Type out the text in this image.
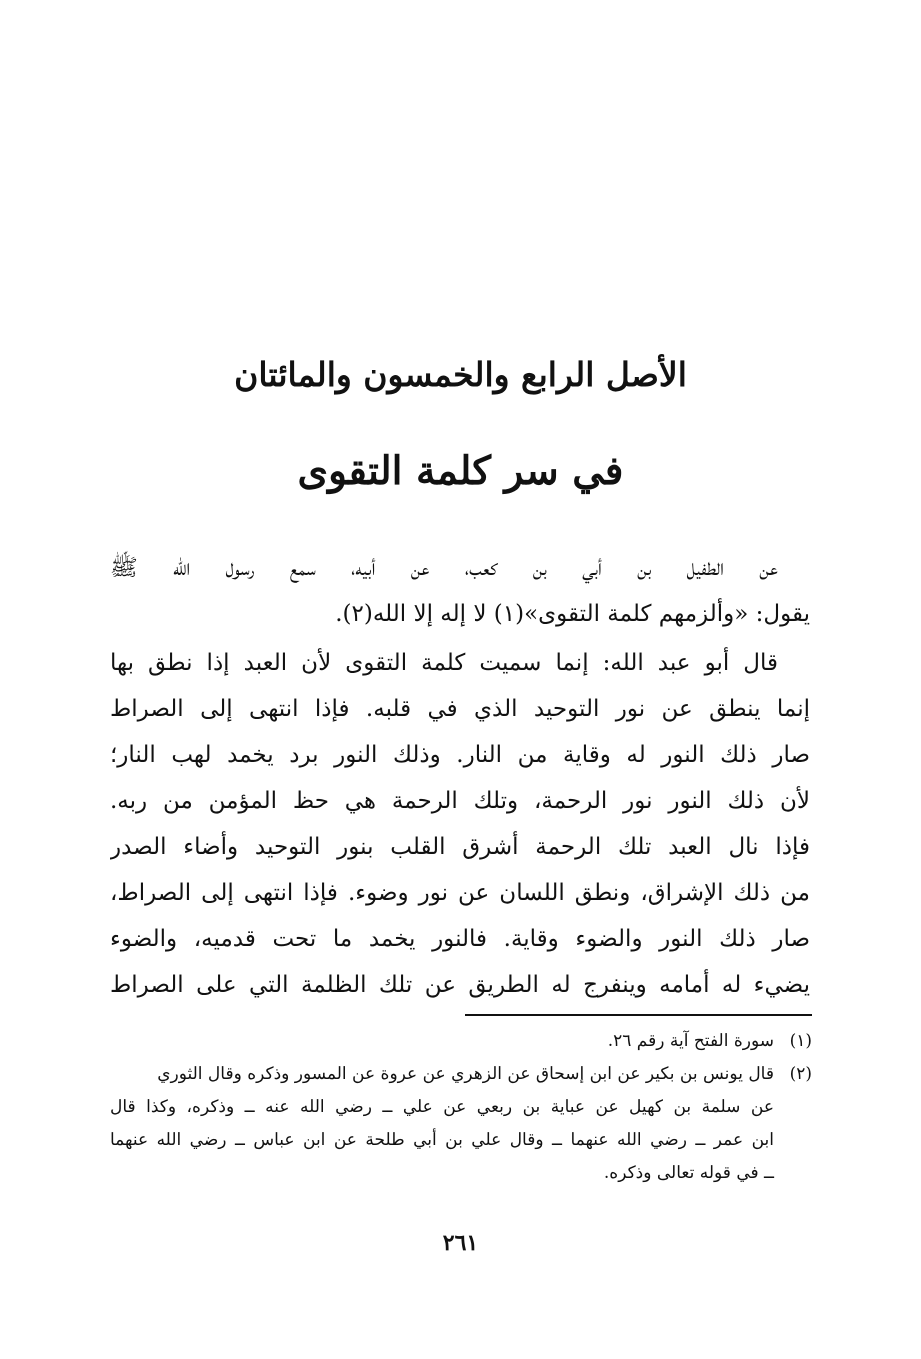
الأصل الرابع والخمسون والمائتان
في سر كلمة التقوى
عن الطفيل بن أبي بن كعب، عن أبيه، سمع رسول الله ﷺ
يقول: «وألزمهم كلمة التقوى»(١) لا إله إلا الله(٢).
قال أبو عبد الله: إنما سميت كلمة التقوى لأن العبد إذا نطق بها
إنما ينطق عن نور التوحيد الذي في قلبه. فإذا انتهى إلى الصراط
صار ذلك النور له وقاية من النار. وذلك النور برد يخمد لهب النار؛
لأن ذلك النور نور الرحمة، وتلك الرحمة هي حظ المؤمن من ربه.
فإذا نال العبد تلك الرحمة أشرق القلب بنور التوحيد وأضاء الصدر
من ذلك الإشراق، ونطق اللسان عن نور وضوء. فإذا انتهى إلى الصراط،
صار ذلك النور والضوء وقاية. فالنور يخمد ما تحت قدميه، والضوء
يضيء له أمامه وينفرج له الطريق عن تلك الظلمة التي على الصراط
(١)سورة الفتح آية رقم ٢٦.
(٢)قال يونس بن بكير عن ابن إسحاق عن الزهري عن عروة عن المسور وذكره وقال الثوري
عن سلمة بن كهيل عن عباية بن ربعي عن علي ــ رضي الله عنه ــ وذكره، وكذا قال
ابن عمر ــ رضي الله عنهما ــ وقال علي بن أبي طلحة عن ابن عباس ــ رضي الله عنهما
ــ في قوله تعالى وذكره.
٢٦١
